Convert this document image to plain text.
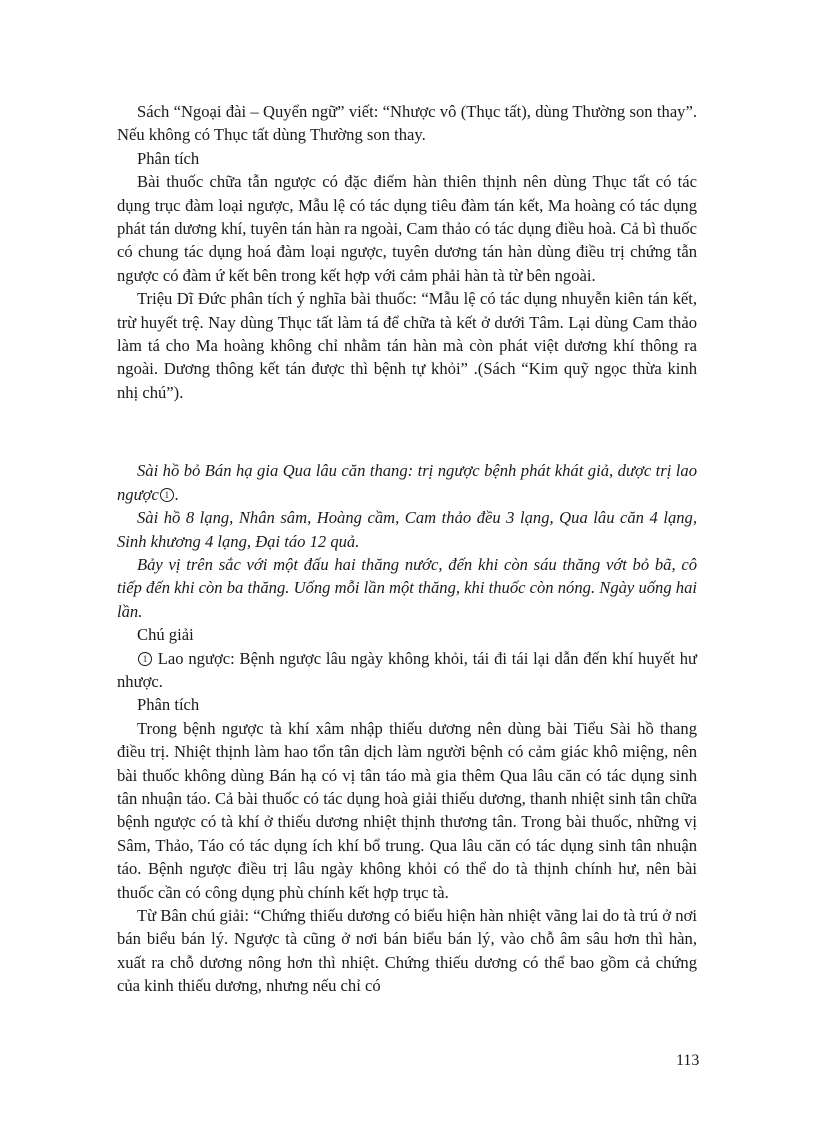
Sách “Ngoại đài – Quyển ngữ” viết: “Nhược vô (Thục tất), dùng Thường son thay”. Nếu không có Thục tất dùng Thường son thay.

Phân tích

Bài thuốc chữa tẫn ngược có đặc điểm hàn thiên thịnh nên dùng Thục tất có tác dụng trục đàm loại ngược, Mẫu lệ có tác dụng tiêu đàm tán kết, Ma hoàng có tác dụng phát tán dương khí, tuyên tán hàn ra ngoài, Cam thảo có tác dụng điều hoà. Cả bì thuốc có chung tác dụng hoá đàm loại ngược, tuyên dương tán hàn dùng điều trị chứng tẫn ngược có đàm ứ kết bên trong kết hợp với cảm phải hàn tà từ bên ngoài.

Triệu Dĩ Đức phân tích ý nghĩa bài thuốc: “Mẫu lệ có tác dụng nhuyễn kiên tán kết, trừ huyết trệ. Nay dùng Thục tất làm tá để chữa tà kết ở dưới Tâm. Lại dùng Cam thảo làm tá cho Ma hoàng không chỉ nhằm tán hàn mà còn phát việt dương khí thông ra ngoài. Dương thông kết tán được thì bệnh tự khỏi” .(Sách “Kim quỹ ngọc thừa kinh nhị chú”).

Sài hồ bỏ Bán hạ gia Qua lâu căn thang: trị ngược bệnh phát khát giả, dược trị lao ngược 1 .

Sài hồ 8 lạng, Nhân sâm, Hoàng cầm, Cam thảo đều 3 lạng, Qua lâu căn 4 lạng, Sinh khương 4 lạng, Đại táo 12 quả.

Bảy vị trên sắc với một đấu hai thăng nước, đến khi còn sáu thăng vớt bỏ bã, cô tiếp đến khi còn ba thăng. Uống mỗi lần một thăng, khi thuốc còn nóng. Ngày uống hai lần.

Chú giải

1 Lao ngược: Bệnh ngược lâu ngày không khỏi, tái đi tái lại dẫn đến khí huyết hư nhược.

Phân tích

Trong bệnh ngược tà khí xâm nhập thiếu dương nên dùng bài Tiểu Sài hồ thang điều trị. Nhiệt thịnh làm hao tổn tân dịch làm người bệnh có cảm giác khô miệng, nên bài thuốc không dùng Bán hạ có vị tân táo mà gia thêm Qua lâu căn có tác dụng sinh tân nhuận táo. Cả bài thuốc có tác dụng hoà giải thiếu dương, thanh nhiệt sinh tân chữa bệnh ngược có tà khí ở thiếu dương nhiệt thịnh thương tân. Trong bài thuốc, những vị Sâm, Thảo, Táo có tác dụng ích khí bổ trung. Qua lâu căn có tác dụng sinh tân nhuận táo. Bệnh ngược điều trị lâu ngày không khỏi có thể do tà thịnh chính hư, nên bài thuốc cần có công dụng phù chính kết hợp trục tà.

Từ Bân chú giải: “Chứng thiếu dương có biểu hiện hàn nhiệt vãng lai do tà trú ở nơi bán biểu bán lý. Ngược tà cũng ở nơi bán biểu bán lý, vào chỗ âm sâu hơn thì hàn, xuất ra chỗ dương nông hơn thì nhiệt. Chứng thiếu dương có thể bao gồm cả chứng của kinh thiếu dương, nhưng nếu chỉ có

113
